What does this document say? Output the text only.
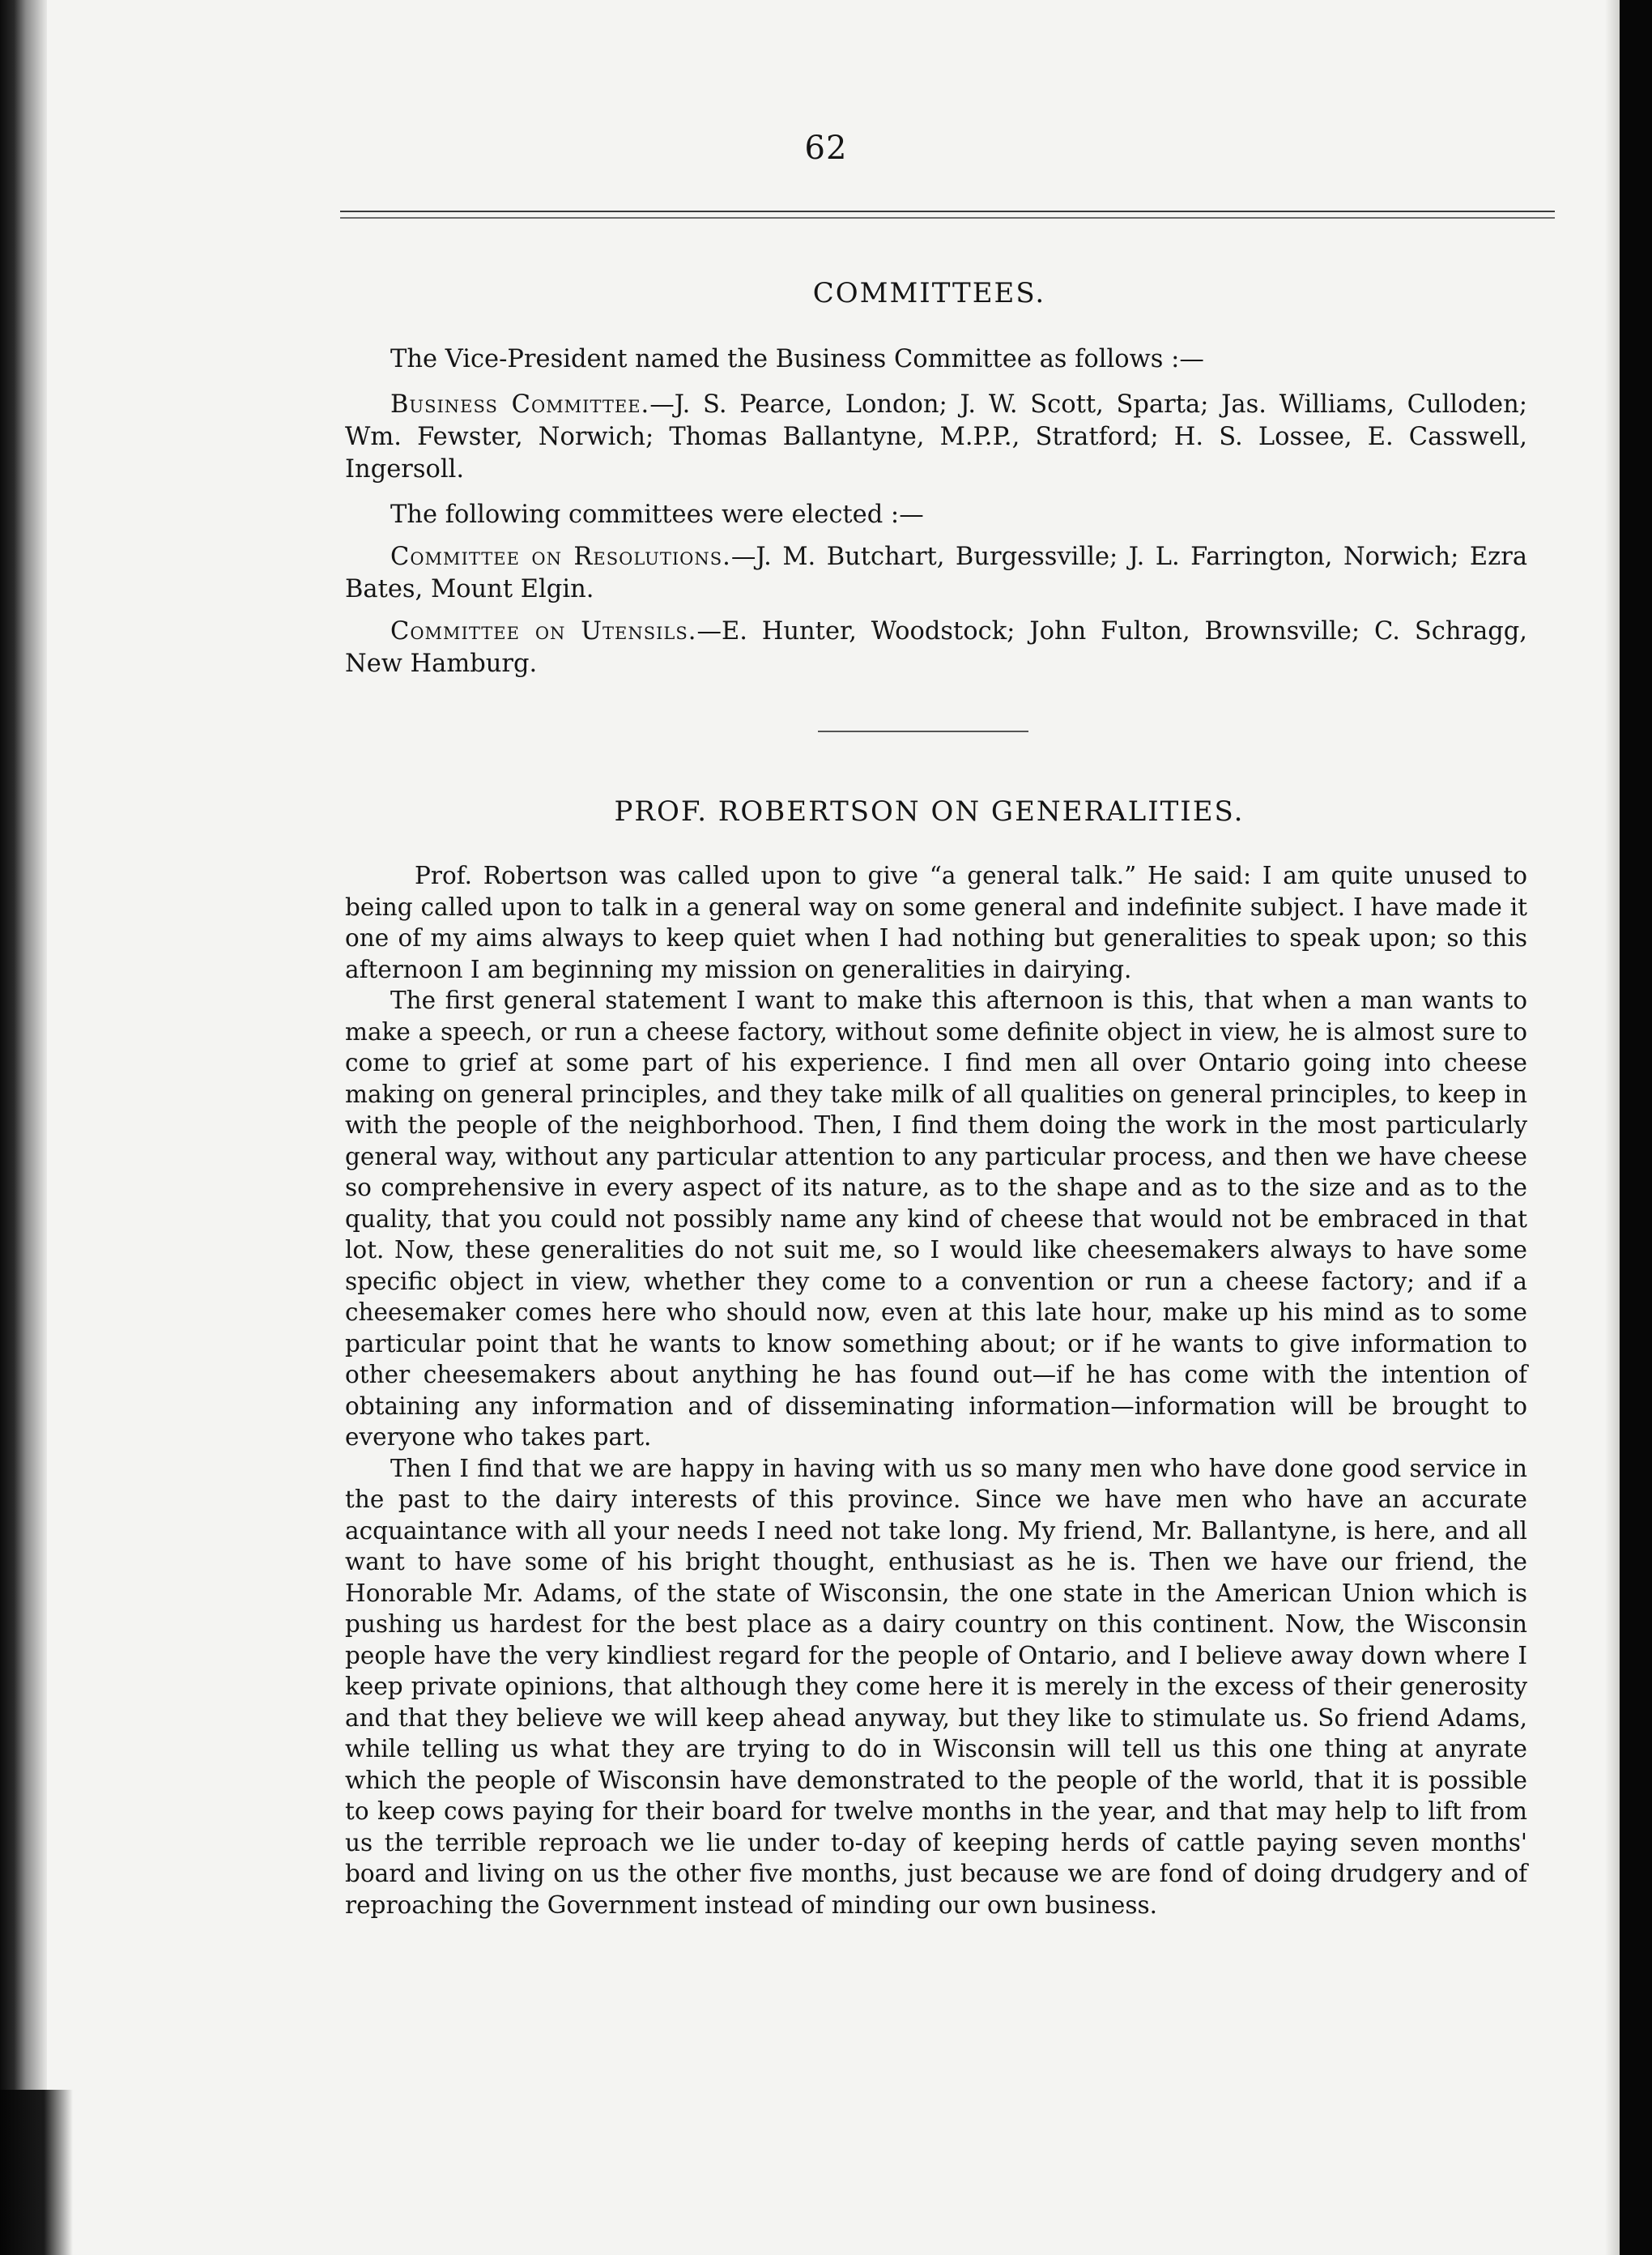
62
COMMITTEES.

The Vice-President named the Business Committee as follows :—

Business Committee.—J. S. Pearce, London; J. W. Scott, Sparta; Jas. Williams, Culloden; Wm. Fewster, Norwich; Thomas Ballantyne, M.P.P., Stratford; H. S. Lossee, E. Casswell, Ingersoll.

The following committees were elected :—

Committee on Resolutions.—J. M. Butchart, Burgessville; J. L. Farrington, Norwich; Ezra Bates, Mount Elgin.

Committee on Utensils.—E. Hunter, Woodstock; John Fulton, Brownsville; C. Schragg, New Hamburg.

PROF. ROBERTSON ON GENERALITIES.

Prof. Robertson was called upon to give “a general talk.” He said: I am quite unused to being called upon to talk in a general way on some general and indefinite subject. I have made it one of my aims always to keep quiet when I had nothing but generalities to speak upon; so this afternoon I am beginning my mission on generalities in dairying.

The first general statement I want to make this afternoon is this, that when a man wants to make a speech, or run a cheese factory, without some definite object in view, he is almost sure to come to grief at some part of his experience. I find men all over Ontario going into cheese making on general principles, and they take milk of all qualities on general principles, to keep in with the people of the neighborhood. Then, I find them doing the work in the most particularly general way, without any particular attention to any particular process, and then we have cheese so comprehensive in every aspect of its nature, as to the shape and as to the size and as to the quality, that you could not possibly name any kind of cheese that would not be embraced in that lot. Now, these generalities do not suit me, so I would like cheesemakers always to have some specific object in view, whether they come to a convention or run a cheese factory; and if a cheesemaker comes here who should now, even at this late hour, make up his mind as to some particular point that he wants to know something about; or if he wants to give information to other cheesemakers about anything he has found out—if he has come with the intention of obtaining any information and of disseminating information—information will be brought to everyone who takes part.

Then I find that we are happy in having with us so many men who have done good service in the past to the dairy interests of this province. Since we have men who have an accurate acquaintance with all your needs I need not take long. My friend, Mr. Ballantyne, is here, and all want to have some of his bright thought, enthusiast as he is. Then we have our friend, the Honorable Mr. Adams, of the state of Wisconsin, the one state in the American Union which is pushing us hardest for the best place as a dairy country on this continent. Now, the Wisconsin people have the very kindliest regard for the people of Ontario, and I believe away down where I keep private opinions, that although they come here it is merely in the excess of their generosity and that they believe we will keep ahead anyway, but they like to stimulate us. So friend Adams, while telling us what they are trying to do in Wisconsin will tell us this one thing at anyrate which the people of Wisconsin have demonstrated to the people of the world, that it is possible to keep cows paying for their board for twelve months in the year, and that may help to lift from us the terrible reproach we lie under to-day of keeping herds of cattle paying seven months' board and living on us the other five months, just because we are fond of doing drudgery and of reproaching the Government instead of minding our own business.
